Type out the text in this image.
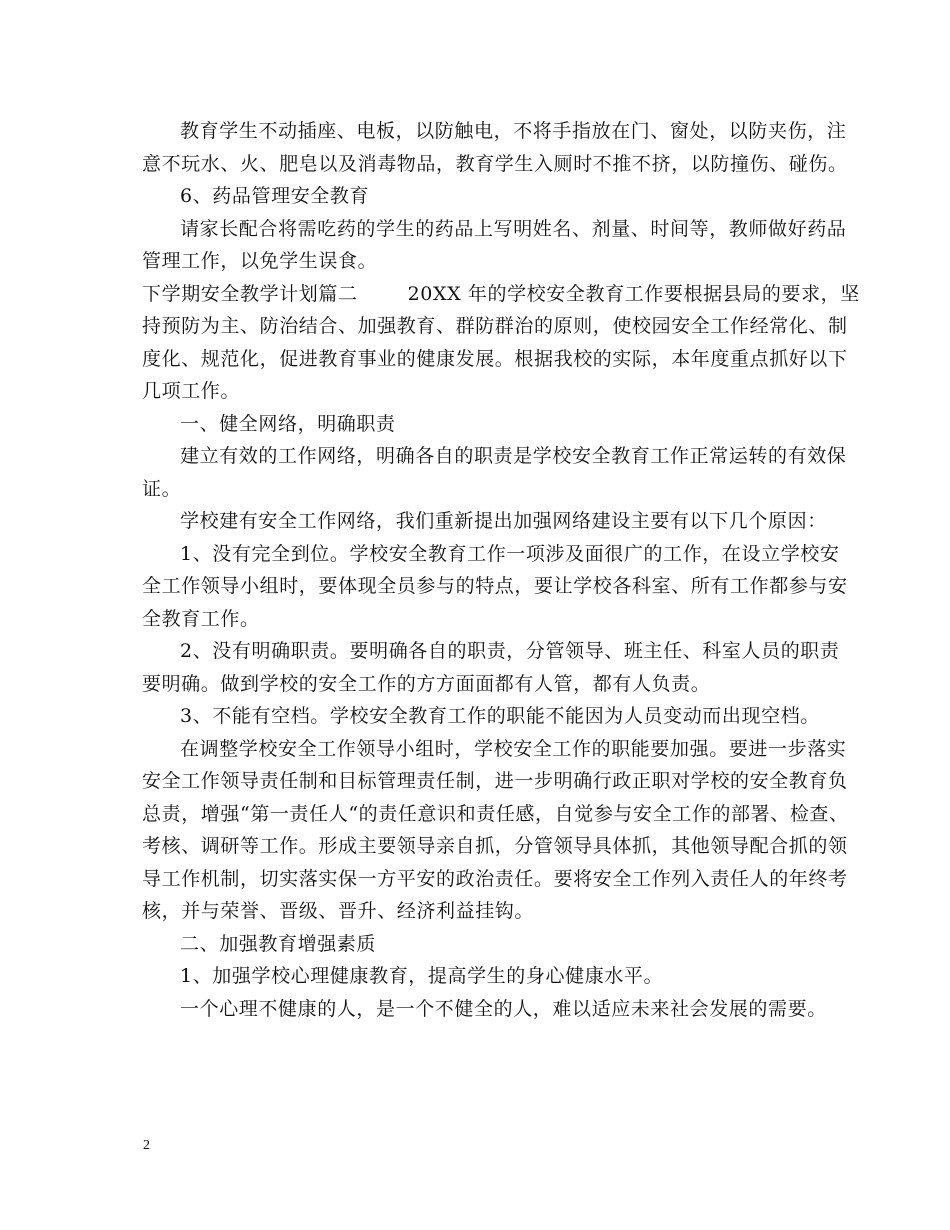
教育学生不动插座、电板，以防触电，不将手指放在门、窗处，以防夹伤，注
意不玩水、火、肥皂以及消毒物品，教育学生入厕时不推不挤，以防撞伤、碰伤。
6、药品管理安全教育
请家长配合将需吃药的学生的药品上写明姓名、剂量、时间等，教师做好药品
管理工作，以免学生误食。
下学期安全教学计划篇二	20XX 年的学校安全教育工作要根据县局的要求，坚
持预防为主、防治结合、加强教育、群防群治的原则，使校园安全工作经常化、制
度化、规范化，促进教育事业的健康发展。根据我校的实际，本年度重点抓好以下
几项工作。
一、健全网络，明确职责
建立有效的工作网络，明确各自的职责是学校安全教育工作正常运转的有效保
证。
学校建有安全工作网络，我们重新提出加强网络建设主要有以下几个原因：
1、没有完全到位。学校安全教育工作一项涉及面很广的工作，在设立学校安
全工作领导小组时，要体现全员参与的特点，要让学校各科室、所有工作都参与安
全教育工作。
2、没有明确职责。要明确各自的职责，分管领导、班主任、科室人员的职责
要明确。做到学校的安全工作的方方面面都有人管，都有人负责。
3、不能有空档。学校安全教育工作的职能不能因为人员变动而出现空档。
在调整学校安全工作领导小组时，学校安全工作的职能要加强。要进一步落实
安全工作领导责任制和目标管理责任制，进一步明确行政正职对学校的安全教育负
总责，增强“第一责任人“的责任意识和责任感，自觉参与安全工作的部署、检查、
考核、调研等工作。形成主要领导亲自抓，分管领导具体抓，其他领导配合抓的领
导工作机制，切实落实保一方平安的政治责任。要将安全工作列入责任人的年终考
核，并与荣誉、晋级、晋升、经济利益挂钩。
二、加强教育增强素质
1、加强学校心理健康教育，提高学生的身心健康水平。
一个心理不健康的人，是一个不健全的人，难以适应未来社会发展的需要。
2
